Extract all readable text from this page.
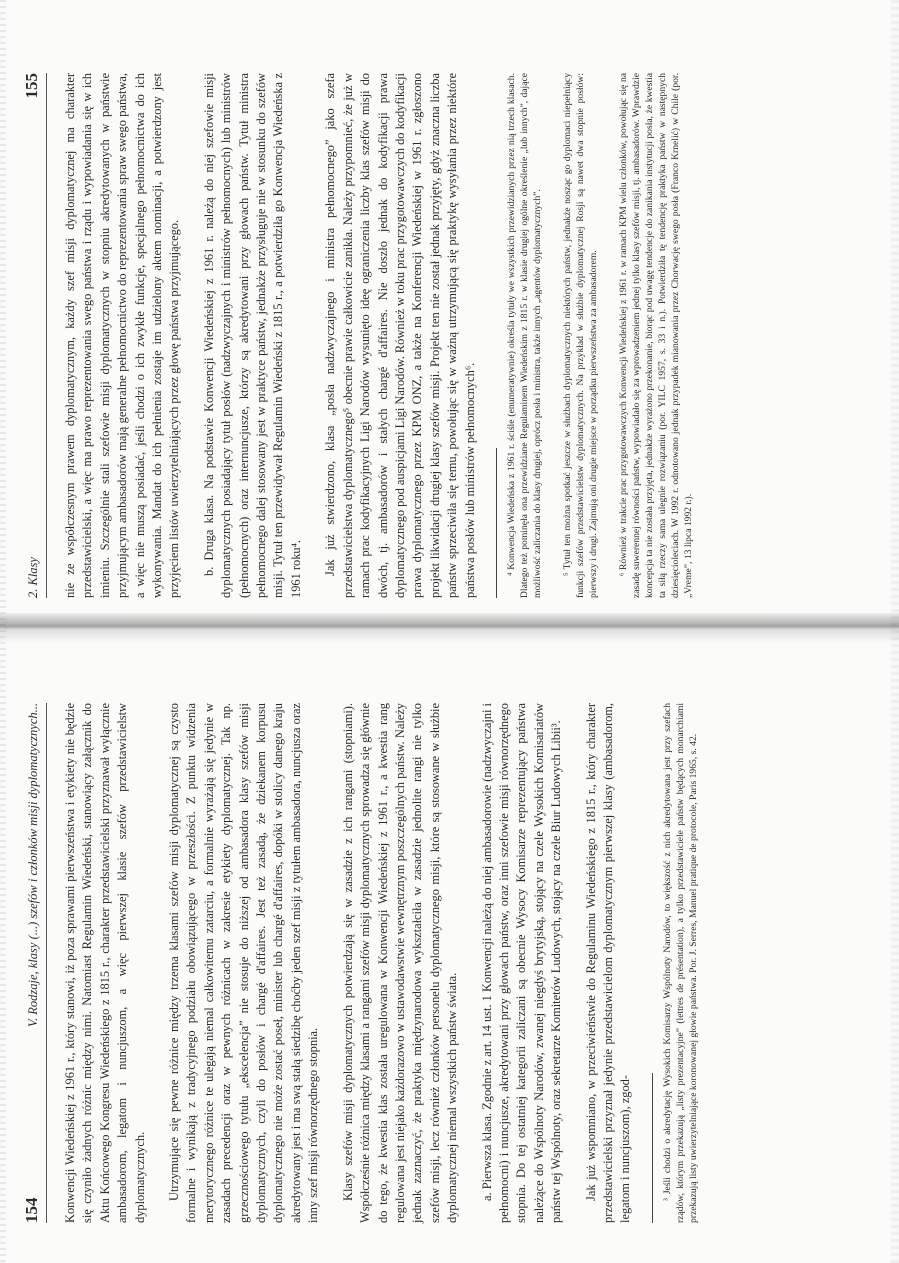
154
V. Rodzaje, klasy (...) szefów i członków misji dyplomatycznych... Konwencji Wiedeńskiej z 1961 r., który stanowi, iż poza sprawami pierwszeństwa i etykiety nie będzie się czyniło żadnych różnic między nimi. Natomiast Regulamin Wiedeński, stanowiący załącznik do Aktu Końcowego Kongresu Wiedeńskiego z 1815 r., charakter przedstawicielski przyznawał wyłącznie ambasadorom, legatom i nuncjuszom, a więc pierwszej klasie szefów przedstawicielstw dyplomatycznych. Utrzymujące się pewne różnice między trzema klasami szefów misji dyplomatycznej są czysto formalne i wynikają z tradycyjnego podziału obowiązującego w przeszłości. Z punktu widzenia merytorycznego różnice te ulegają niemal całkowitemu zatarciu, a formalnie wyrażają się jedynie w zasadach precedencji oraz w pewnych różnicach w zakresie etykiety dyplomatycznej. Tak np. grzecznościowego tytułu „ekscelencja” nie stosuje do niższej od ambasadora klasy szefów misji dyplomatycznych, czyli do posłów i chargé d'affaires. Jest też zasadą, że dziekanem korpusu dyplomatycznego nie może zostać poseł, minister lub chargé d'affaires, dopóki w stolicy danego kraju akredytowany jest i ma swą stałą siedzibę choćby jeden szef misji z tytułem ambasadora, nuncjusza oraz inny szef misji równorzędnego stopnia. Klasy szefów misji dyplomatycznych potwierdzają się w zasadzie z ich rangami (stopniami). Współcześnie różnica między klasami a rangami szefów misji dyplomatycznych sprowadza się głównie do tego, że kwestia klas została uregulowana w Konwencji Wiedeńskiej z 1961 r., a kwestia rang regulowana jest niejako każdorazowo w ustawodawstwie wewnętrznym poszczególnych państw. Należy jednak zaznaczyć, że praktyka międzynarodowa wykształciła w zasadzie jednolite rangi nie tylko szefów misji, lecz również członków personelu dyplomatycznego misji, które są stosowane w służbie dyplomatycznej niemal wszystkich państw świata. a. Pierwsza klasa. Zgodnie z art. 14 ust. 1 Konwencji należą do niej ambasadorowie (nadzwyczajni i pełnomocni) i nuncjusze, akredytowani przy głowach państw, oraz inni szefowie misji równorzędnego stopnia. Do tej ostatniej kategorii zaliczani są obecnie Wysocy Komisarze reprezentujący państwa należące do Wspólnoty Narodów, zwanej niegdyś brytyjską, stojący na czele Wysokich Komisariatów państw tej Wspólnoty, oraz sekretarze Komitetów Ludowych, stojący na czele Biur Ludowych Libii³. Jak już wspomniano, w przeciwieństwie do Regulaminu Wiedeńskiego z 1815 r., który charakter przedstawicielski przyznał jedynie przedstawicielom dyplomatycznym pierwszej klasy (ambasadorom, legatom i nuncjuszom), zgod-	³ Jeśli chodzi o akredytację Wysokich Komisarzy Wspólnoty Narodów, to większość z nich akredytowana jest przy szefach rządów, którym przekazują „listy prezentacyjne” (lettres de présentation), a tylko przedstawiciele państw będących monarchiami przekazują listy uwierzytelniające koronowanej głowie państwa. Por. J. Serres, Manuel pratique de protocole, Paris 1965, s. 42.

2. Klasy
155 nie ze współczesnym prawem dyplomatycznym, każdy szef misji dyplomatycznej ma charakter przedstawicielski, a więc ma prawo reprezentowania swego państwa i rządu i wypowiadania się w ich imieniu. Szczególnie stali szefowie misji dyplomatycznych w stopniu akredytowanych w państwie przyjmującym ambasadorów mają generalne pełnomocnictwo do reprezentowania spraw swego państwa, a więc nie muszą posiadać, jeśli chodzi o ich zwykłe funkcje, specjalnego pełnomocnictwa do ich wykonywania. Mandat do ich pełnienia zostaje im udzielony aktem nominacji, a potwierdzony jest przyjęciem listów uwierzytelniających przez głowę państwa przyjmującego. b. Druga klasa. Na podstawie Konwencji Wiedeńskiej z 1961 r. należą do niej szefowie misji dyplomatycznych posiadający tytuł posłów (nadzwyczajnych i ministrów pełnomocnych) lub ministrów (pełnomocnych) oraz internuncjusze, którzy są akredytowani przy głowach państw. Tytuł ministra pełnomocnego dalej stosowany jest w praktyce państw, jednakże przysługuje nie w stosunku do szefów misji. Tytuł ten przewidywał Regulamin Wiedeński z 1815 r., a potwierdziła go Konwencja Wiedeńska z 1961 roku⁴. Jak już stwierdzono, klasa „posła nadzwyczajnego i ministra pełnomocnego” jako szefa przedstawicielstwa dyplomatycznego⁵ obecnie prawie całkowicie zanikła. Należy przypomnieć, że już w ramach prac kodyfikacyjnych Ligi Narodów wysunięto ideę ograniczenia liczby klas szefów misji do dwóch, tj. ambasadorów i stałych chargé d'affaires. Nie doszło jednak do kodyfikacji prawa dyplomatycznego pod auspicjami Ligi Narodów. Również w toku prac przygotowawczych do kodyfikacji prawa dyplomatycznego przez KPM ONZ, a także na Konferencji Wiedeńskiej w 1961 r. zgłoszono projekt likwidacji drugiej klasy szefów misji. Projekt ten nie został jednak przyjęty, gdyż znaczna liczba państw sprzeciwiła się temu, powołując się w ważną utrzymującą się praktykę wysyłania przez niektóre państwa posłów lub ministrów pełnomocnych⁶.	⁴ Konwencja Wiedeńska z 1961 r. ściśle (enumeratywnie) określa tytuły we wszystkich przewidzianych przez nią trzech klasach. Dlatego też pominęła ona przewidziane Regulaminem Wiedeńskim z 1815 r. w klasie drugiej ogólne określenie „lub innych”, dające możliwość zaliczania do klasy drugiej, oprócz posła i ministra, także innych „agentów dyplomatycznych”. ⁵ Tytuł ten można spotkać jeszcze w służbach dyplomatycznych niektórych państw, jednakże nosząc go dyplomaci niepełniący funkcji szefów przedstawicielstw dyplomatycznych. Na przykład w służbie dyplomatycznej Rosji są nawet dwa stopnie posłów: pierwszy i drugi. Zajmują oni drugie miejsce w porządku pierwszeństwa za ambasadorem. ⁶ Również w trakcie prac przygotowawczych Konwencji Wiedeńskiej z 1961 r. w ramach KPM wielu członków, powołując się na zasadę suwerennej równości państw, wypowiadało się za wprowadzeniem jednej tylko klasy szefów misji, tj. ambasadorów. Wprawdzie koncepcja ta nie została przyjęta, jednakże wyrażono przekonanie, biorąc pod uwagę tendencje do zanikania instytucji posła, że kwestia ta siłą rzeczy sama ulegnie rozwiązaniu (por. YILC 1957, s. 33 i n.). Potwierdziła tę tendencję praktyka państw w następnych dziesięcioleciach. W 1992 r. odnotowano jednak przypadek mianowania przez Chorwację swego posła (Franco Krnelić) w Chile (por. „Vreme”, 13 lipca 1992 r.).
